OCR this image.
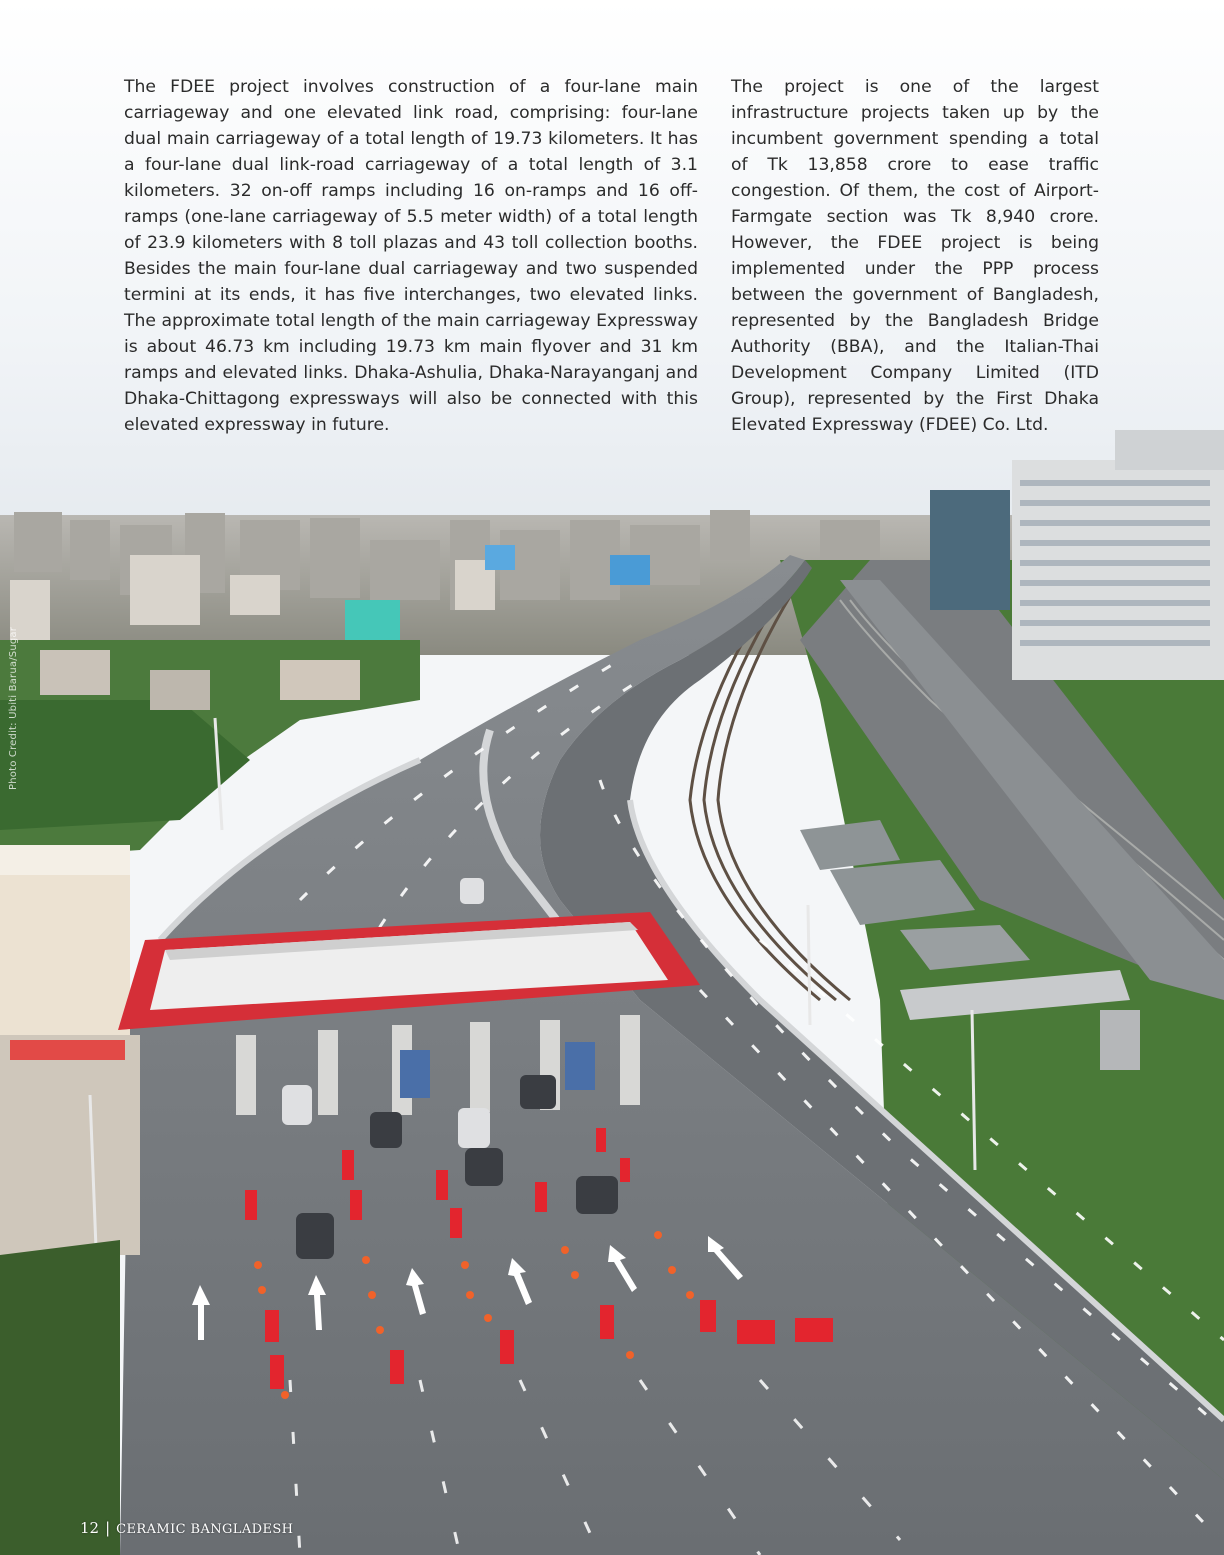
The FDEE project involves construction of a four-lane main carriageway and one elevated link road, comprising: four-lane dual main carriageway of a total length of 19.73 kilometers. It has a four-lane dual link-road carriageway of a total length of 3.1 kilometers. 32 on-off ramps including 16 on-ramps and 16 off-ramps (one-lane carriageway of 5.5 meter width) of a total length of 23.9 kilometers with 8 toll plazas and 43 toll collection booths. Besides the main four-lane dual carriageway and two suspended termini at its ends, it has five interchanges, two elevated links. The approximate total length of the main carriageway Expressway is about 46.73 km including 19.73 km main flyover and 31 km ramps and elevated links. Dhaka-Ashulia, Dhaka-Narayanganj and Dhaka-Chittagong expressways will also be connected with this elevated expressway in future.
The project is one of the largest infrastructure projects taken up by the incumbent government spending a total of Tk 13,858 crore to ease traffic congestion. Of them, the cost of Airport-Farmgate section was Tk 8,940 crore. However, the FDEE project is being implemented under the PPP process between the government of Bangladesh, represented by the Bangladesh Bridge Authority (BBA), and the Italian-Thai Development Company Limited (ITD Group), represented by the First Dhaka Elevated Expressway (FDEE) Co. Ltd.
Photo Credit: Ubiti Barua/Sugar
12 | CERAMIC BANGLADESH
